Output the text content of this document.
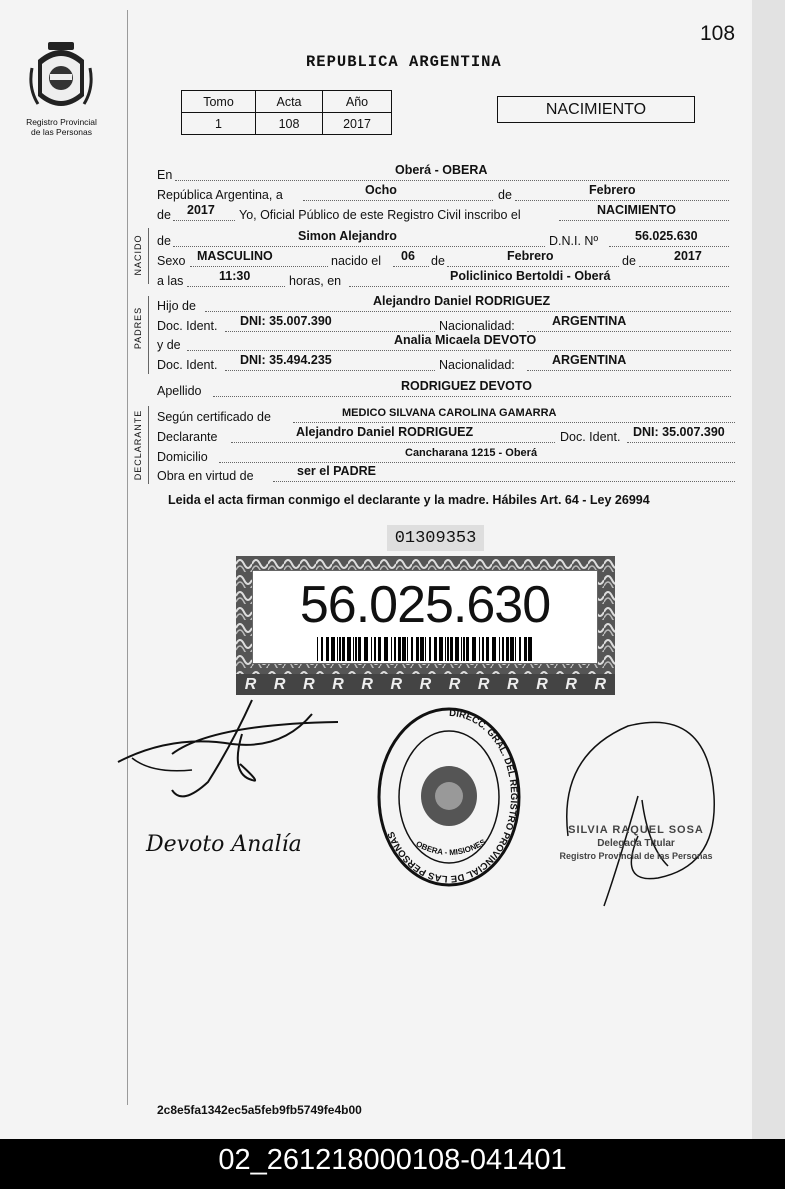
108
Registro Provincial
de las Personas
REPUBLICA ARGENTINA
Tomo	Acta	Año
1	108	2017
NACIMIENTO
En	Oberá - OBERA
República Argentina, a	Ocho	de	Febrero
de 2017 Yo, Oficial Público de este Registro Civil inscribo el	NACIMIENTO
NACIDO de	Simon Alejandro	D.N.I. Nº	56.025.630
Sexo MASCULINO	nacido el 06 de	Febrero	de	2017
a las	11:30	horas, en	Policlinico Bertoldi - Oberá
PADRES
Hijo de	Alejandro Daniel RODRIGUEZ
Doc. Ident. DNI: 35.007.390	Nacionalidad:	ARGENTINA
y de	Analia Micaela DEVOTO
Doc. Ident. DNI: 35.494.235	Nacionalidad:	ARGENTINA
Apellido	RODRIGUEZ DEVOTO
DECLARANTE Según certificado de	MEDICO SILVANA CAROLINA GAMARRA
Declarante	Alejandro Daniel RODRIGUEZ	Doc. Ident. DNI: 35.007.390
Domicilio	Cancharana 1215 - Oberá
Obra en virtud de	ser el PADRE
Leida el acta firman conmigo el declarante y la madre. Hábiles Art. 64 - Ley 26994
01309353
R R R R R R R R R R R R R
56.025.630
Devoto Analía
DIRECC. GRAL. DEL REGISTRO PROVINCIAL DE LAS PERSONAS
OBERA - MISIONES
SILVIA RAQUEL SOSA
Delegada Titular
Registro Provincial de las Personas
2c8e5fa1342ec5a5feb9fb5749fe4b00
02_261218000108-041401
